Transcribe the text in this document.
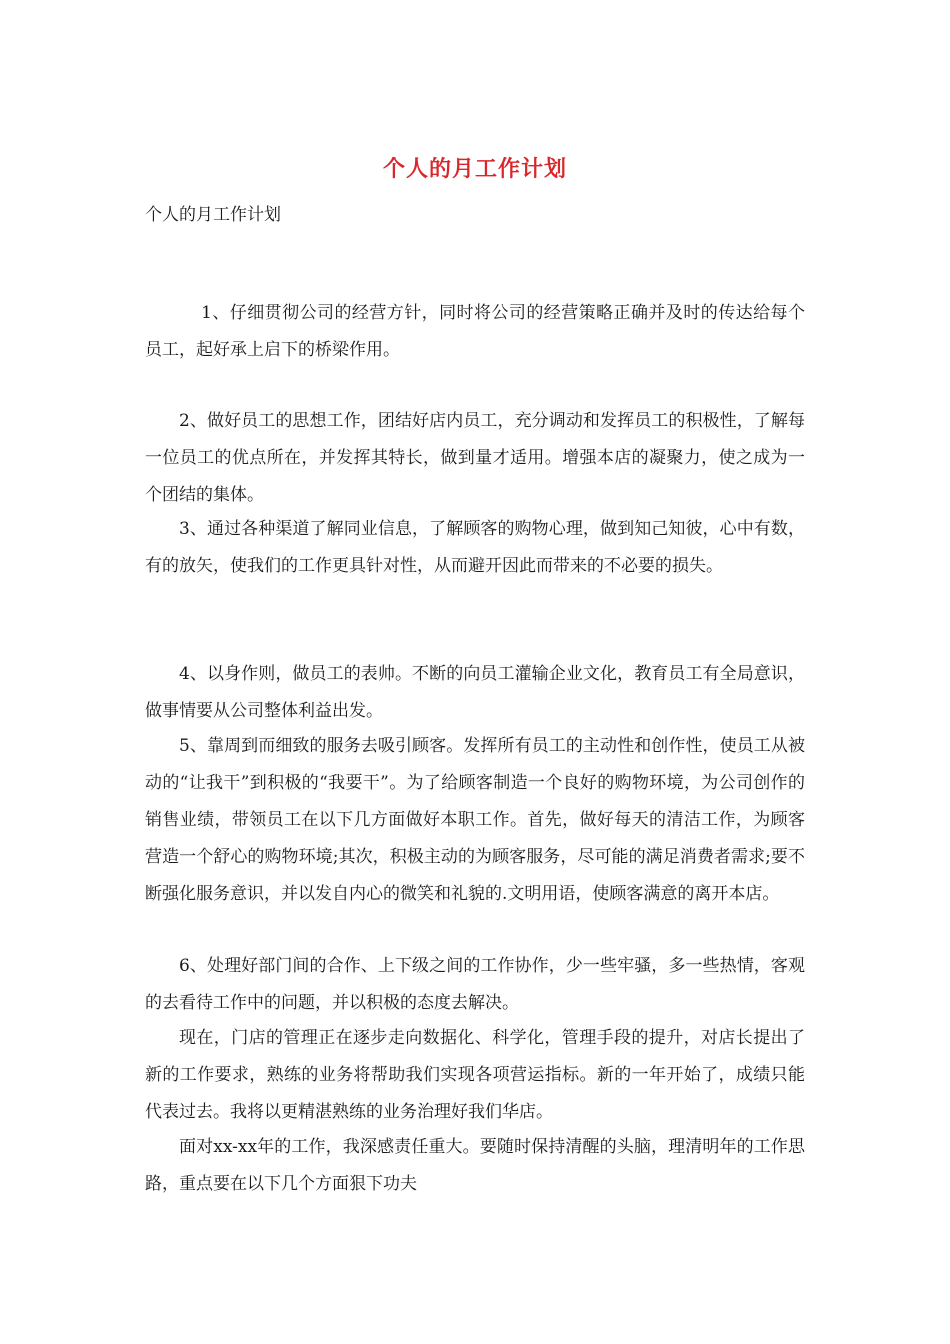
个人的月工作计划

个人的月工作计划

1、仔细贯彻公司的经营方针，同时将公司的经营策略正确并及时的传达给每个员工，起好承上启下的桥梁作用。

2、做好员工的思想工作，团结好店内员工，充分调动和发挥员工的积极性，了解每一位员工的优点所在，并发挥其特长，做到量才适用。增强本店的凝聚力，使之成为一个团结的集体。

3、通过各种渠道了解同业信息，了解顾客的购物心理，做到知己知彼，心中有数，有的放矢，使我们的工作更具针对性，从而避开因此而带来的不必要的损失。

4、以身作则，做员工的表帅。不断的向员工灌输企业文化，教育员工有全局意识，做事情要从公司整体利益出发。

5、靠周到而细致的服务去吸引顾客。发挥所有员工的主动性和创作性，使员工从被动的“让我干”到积极的“我要干”。为了给顾客制造一个良好的购物环境，为公司创作的销售业绩，带领员工在以下几方面做好本职工作。首先，做好每天的清洁工作，为顾客营造一个舒心的购物环境;其次，积极主动的为顾客服务，尽可能的满足消费者需求;要不断强化服务意识，并以发自内心的微笑和礼貌的.文明用语，使顾客满意的离开本店。

6、处理好部门间的合作、上下级之间的工作协作，少一些牢骚，多一些热情，客观的去看待工作中的问题，并以积极的态度去解决。

现在，门店的管理正在逐步走向数据化、科学化，管理手段的提升，对店长提出了新的工作要求，熟练的业务将帮助我们实现各项营运指标。新的一年开始了，成绩只能代表过去。我将以更精湛熟练的业务治理好我们华店。

面对xx-xx年的工作，我深感责任重大。要随时保持清醒的头脑，理清明年的工作思路，重点要在以下几个方面狠下功夫
